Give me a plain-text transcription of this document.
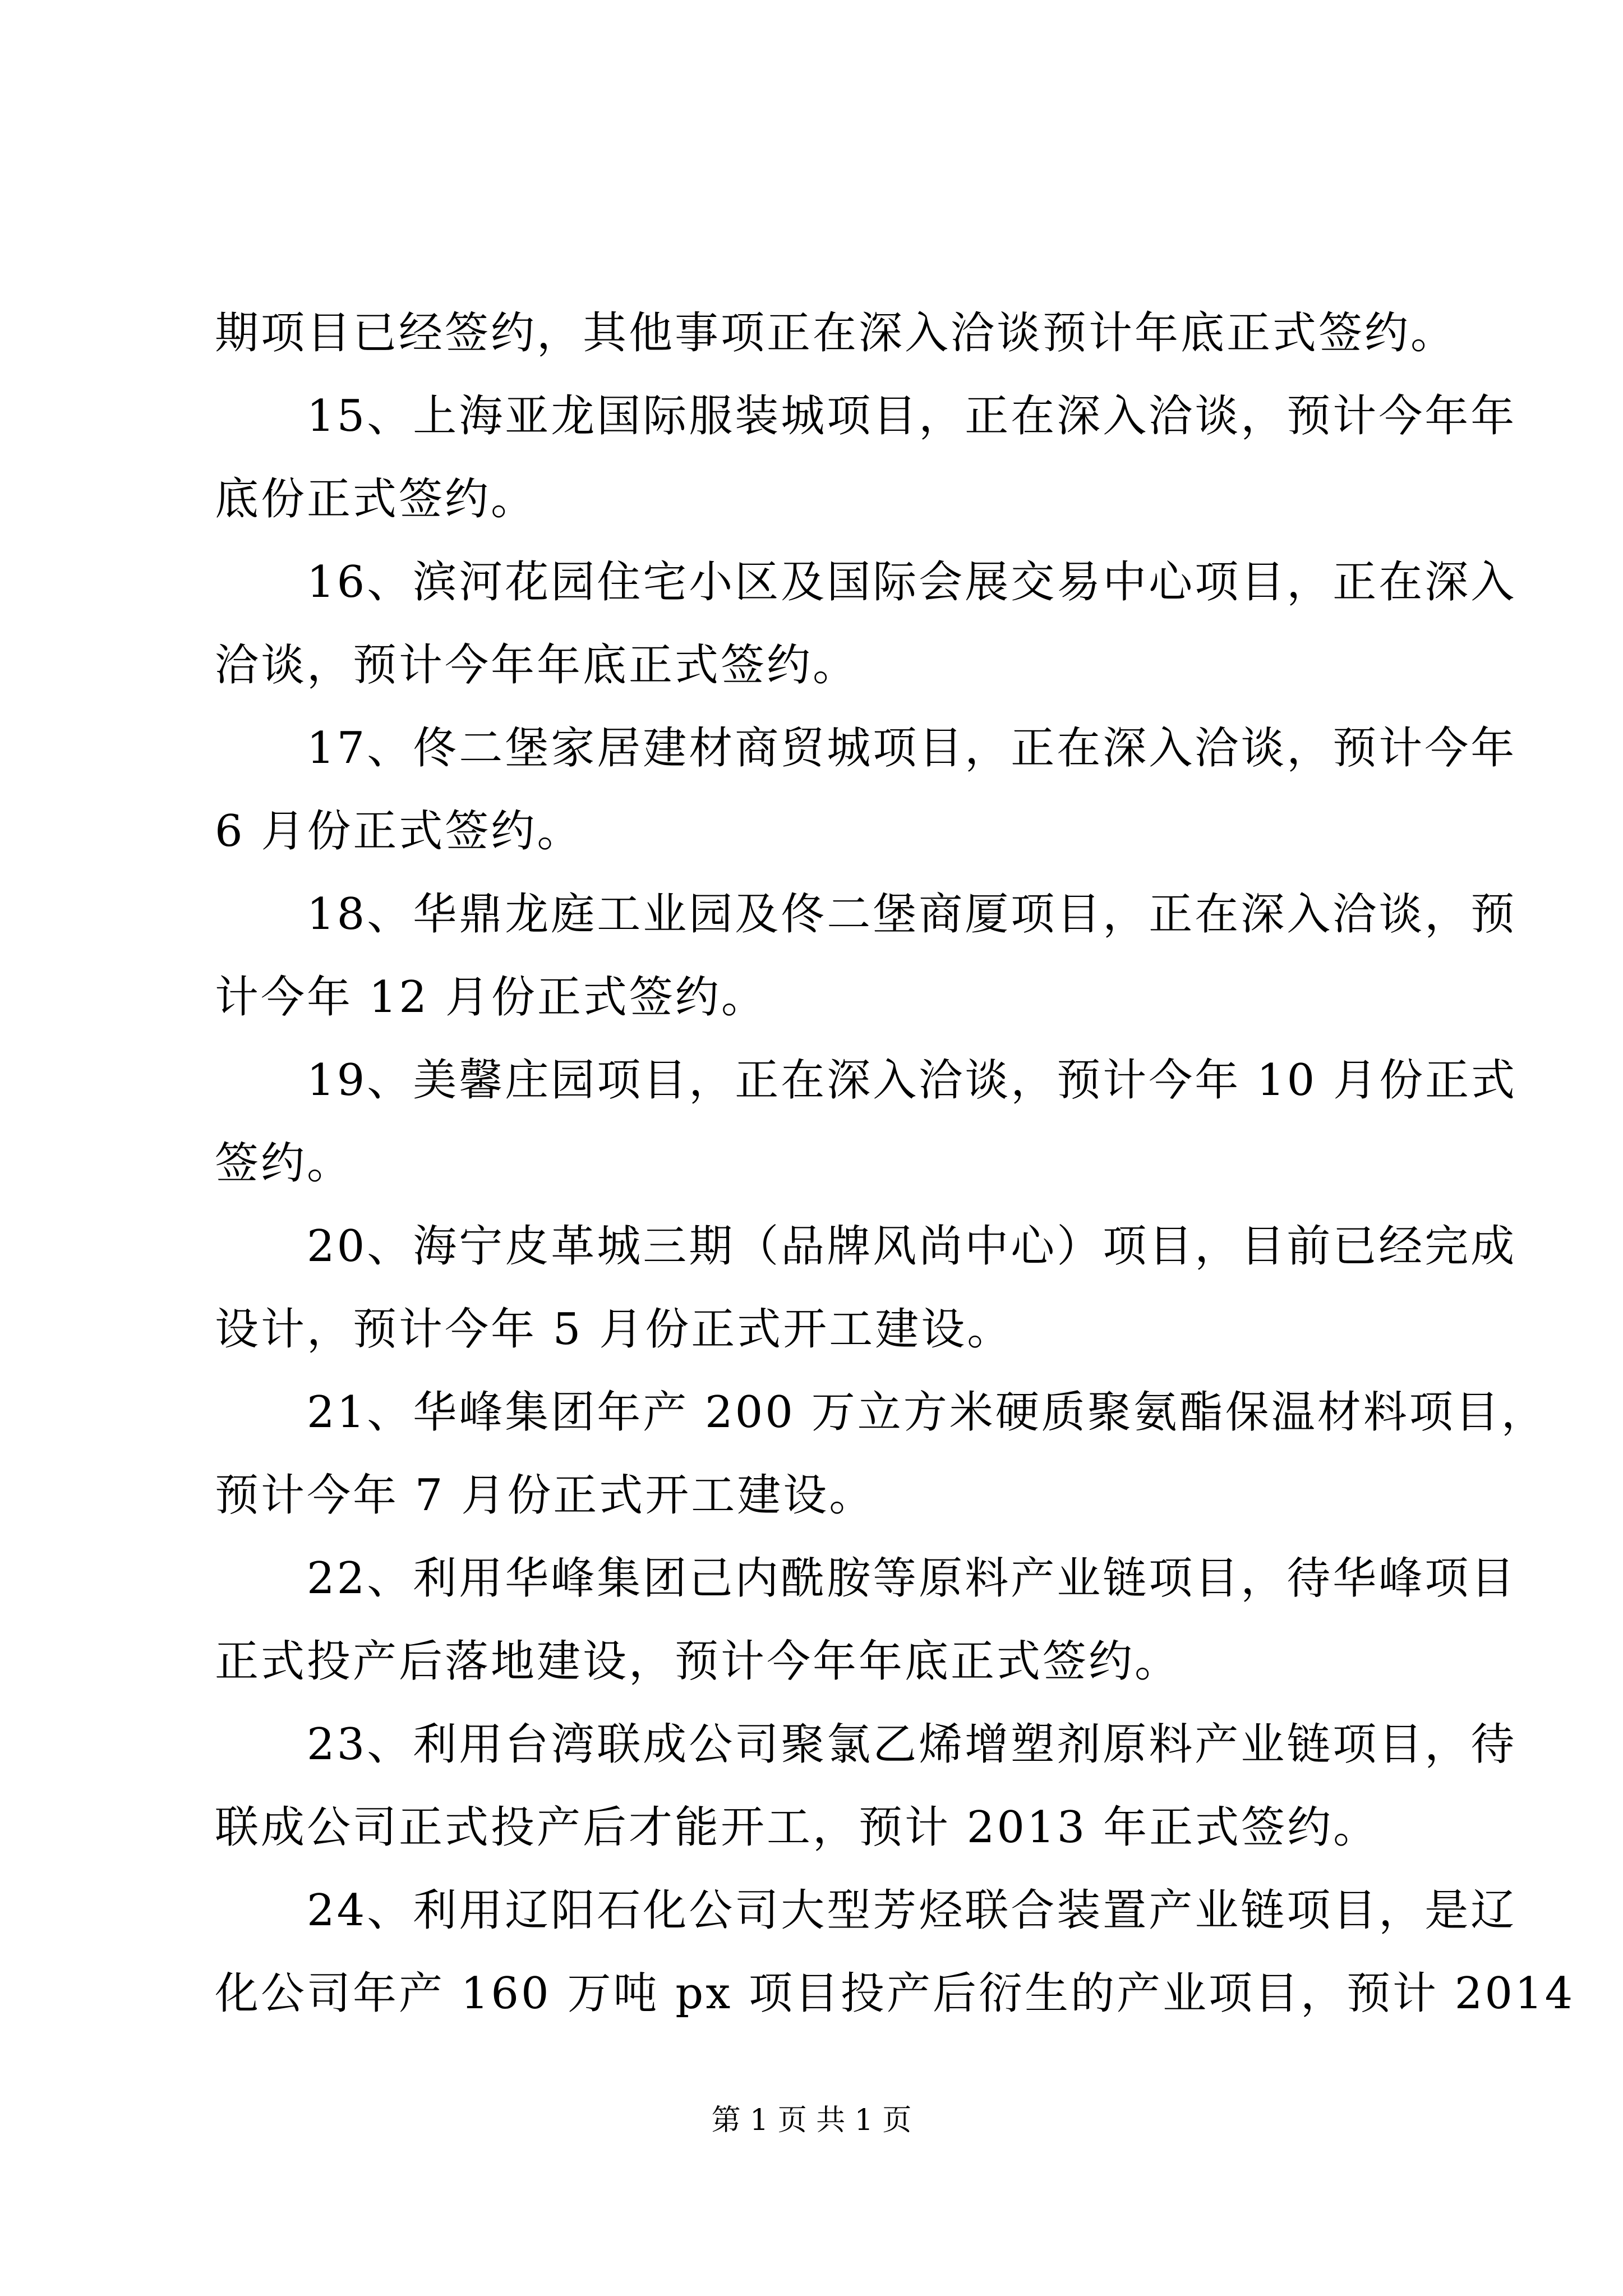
期项目已经签约，其他事项正在深入洽谈预计年底正式签约。
15、上海亚龙国际服装城项目，正在深入洽谈，预计今年年
底份正式签约。
16、滨河花园住宅小区及国际会展交易中心项目，正在深入
洽谈，预计今年年底正式签约。
17、佟二堡家居建材商贸城项目，正在深入洽谈，预计今年
6 月份正式签约。
18、华鼎龙庭工业园及佟二堡商厦项目，正在深入洽谈，预
计今年 12 月份正式签约。
19、美馨庄园项目，正在深入洽谈，预计今年 10 月份正式
签约。
20、海宁皮革城三期（品牌风尚中心）项目，目前已经完成
设计，预计今年 5 月份正式开工建设。
21、华峰集团年产 200 万立方米硬质聚氨酯保温材料项目，
预计今年 7 月份正式开工建设。
22、利用华峰集团己内酰胺等原料产业链项目，待华峰项目
正式投产后落地建设，预计今年年底正式签约。
23、利用台湾联成公司聚氯乙烯增塑剂原料产业链项目，待
联成公司正式投产后才能开工，预计 2013 年正式签约。
24、利用辽阳石化公司大型芳烃联合装置产业链项目，是辽
化公司年产 160 万吨 px 项目投产后衍生的产业项目，预计 2014
第 1 页 共 1 页
